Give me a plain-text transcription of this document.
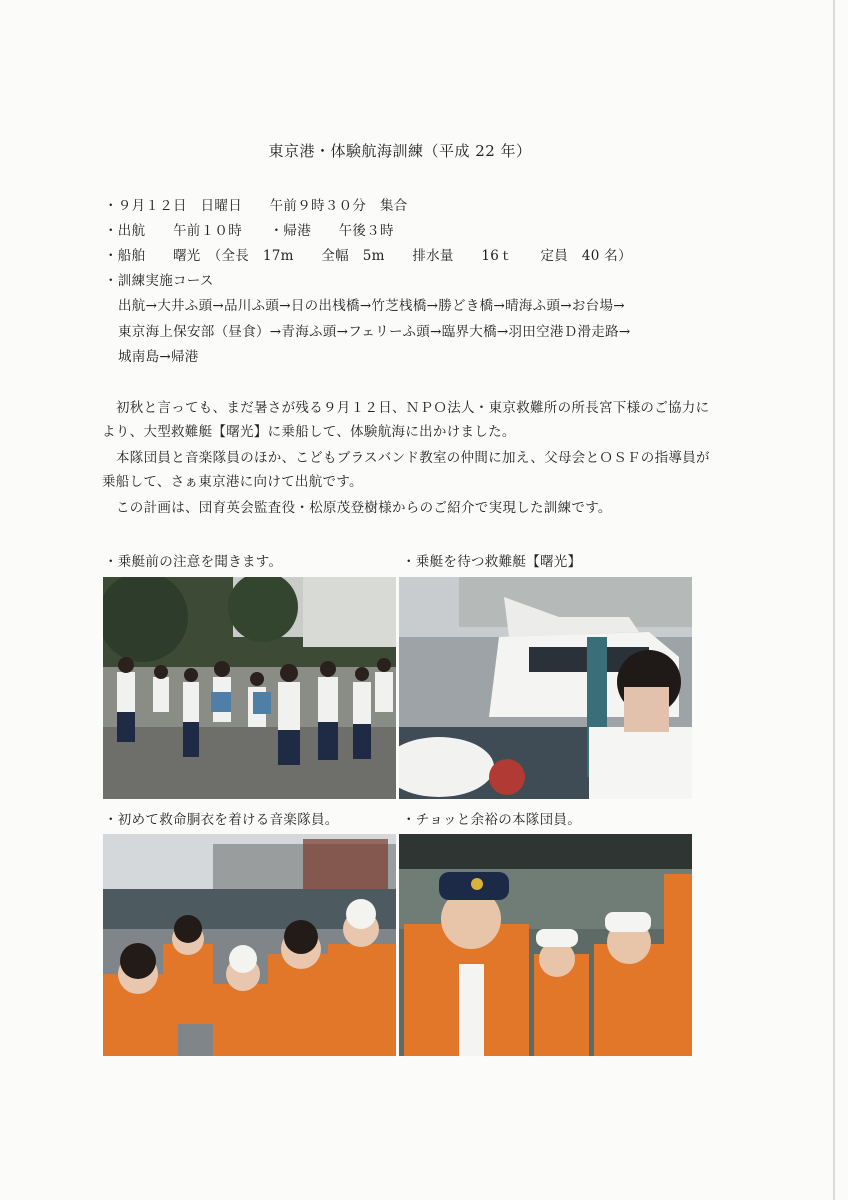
東京港・体験航海訓練（平成 22 年）
・９月１２日　日曜日　　午前９時３０分　集合
・出航　　午前１０時　　・帰港　　午後３時
・船舶　　曙光　（全長　17m　　全幅　5m　　排水量　　16ｔ　　定員　40 名）
・訓練実施コース
出航→大井ふ頭→品川ふ頭→日の出桟橋→竹芝桟橋→勝どき橋→晴海ふ頭→お台場→
東京海上保安部（昼食）→青海ふ頭→フェリーふ頭→臨界大橋→羽田空港Ｄ滑走路→
城南島→帰港
初秋と言っても、まだ暑さが残る９月１２日、ＮＰＯ法人・東京救難所の所長宮下様のご協力により、大型救難艇【曙光】に乗船して、体験航海に出かけました。
本隊団員と音楽隊員のほか、こどもブラスバンド教室の仲間に加え、父母会とＯＳＦの指導員が乗船して、さぁ東京港に向けて出航です。
この計画は、団育英会監査役・松原茂登樹様からのご紹介で実現した訓練です。
・乗艇前の注意を聞きます。	・乗艇を待つ救難艇【曙光】
・初めて救命胴衣を着ける音楽隊員。	・チョッと余裕の本隊団員。
